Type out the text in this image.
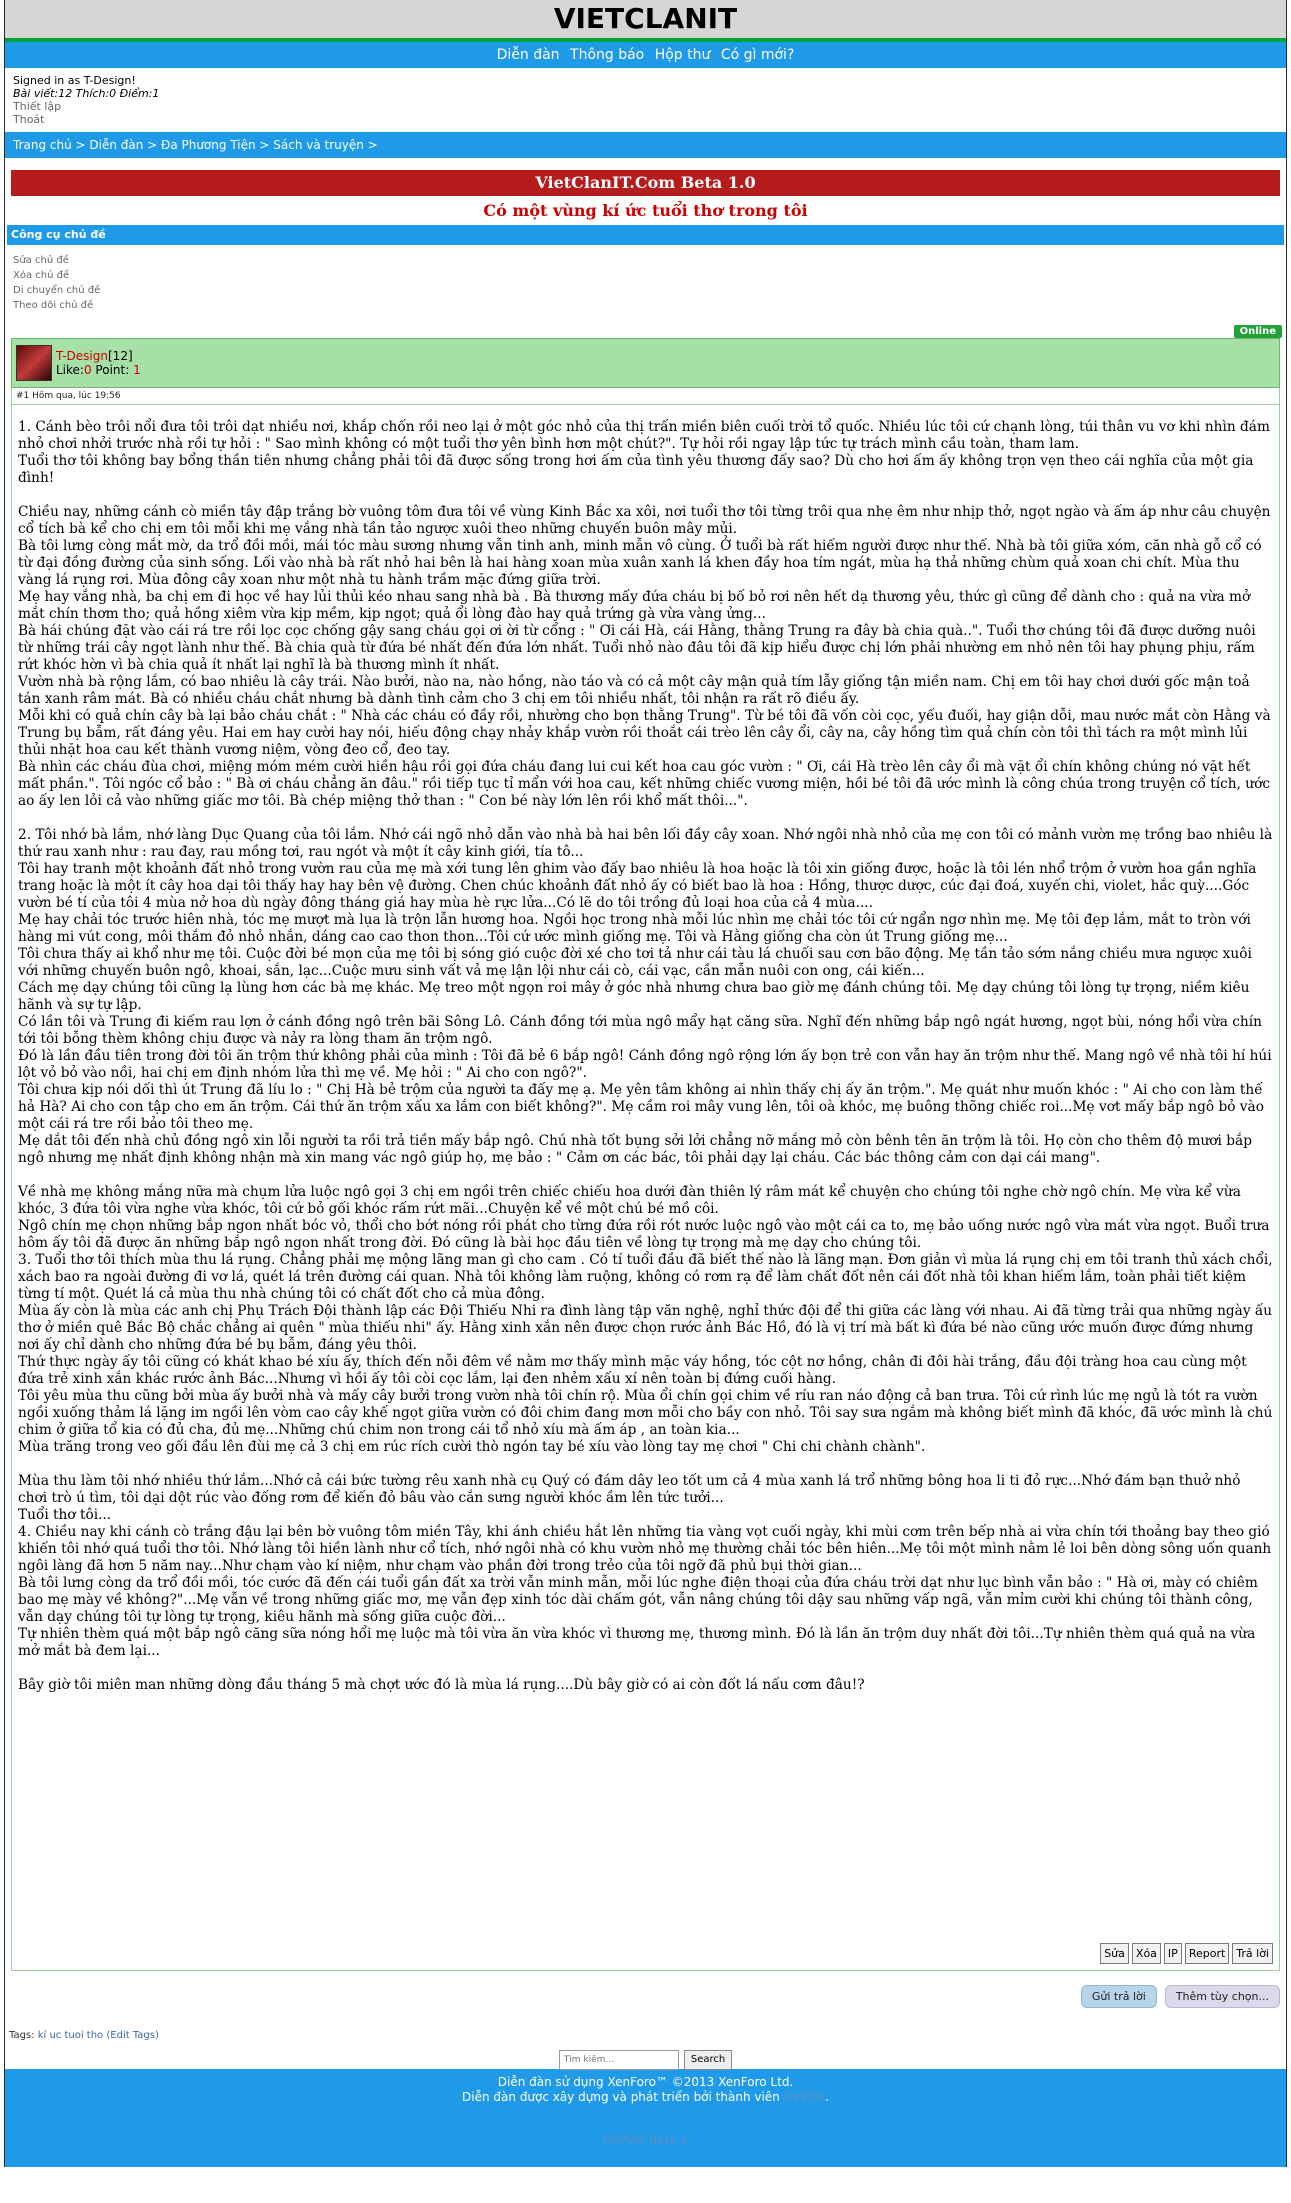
VIETCLANIT
Diễn đàn Thông báo Hộp thư Có gì mới?
Signed in as T-Design!
Bài viết:12 Thích:0 Điểm:1
Thiết lập
Thoát
Trang chủ > Diễn đàn > Đa Phương Tiện > Sách và truyện >
VietClanIT.Com Beta 1.0
Có một vùng kí ức tuổi thơ trong tôi
Công cụ chủ đề
Sửa chủ đề
Xóa chủ đề
Di chuyển chủ đề
Theo dõi chủ đề
Online
T-Design[12]
Like:0 Point: 1
#1 Hôm qua, lúc 19:56

1. Cánh bèo trôi nổi đưa tôi trôi dạt nhiều nơi, khắp chốn rồi neo lại ở một góc nhỏ của thị trấn miền biên cuối trời tổ quốc. Nhiều lúc tôi cứ chạnh lòng, túi thân vu vơ khi nhìn đám nhỏ chơi nhởi trước nhà rồi tự hỏi : " Sao mình không có một tuổi thơ yên bình hơn một chút?". Tự hỏi rồi ngay lập tức tự trách mình cầu toàn, tham lam.
Tuổi thơ tôi không bay bổng thần tiên nhưng chẳng phải tôi đã được sống trong hơi ấm của tình yêu thương đấy sao? Dù cho hơi ấm ấy không trọn vẹn theo cái nghĩa của một gia đình!

Chiều nay, những cánh cò miền tây đập trắng bờ vuông tôm đưa tôi về vùng Kinh Bắc xa xôi, nơi tuổi thơ tôi từng trôi qua nhẹ êm như nhịp thở, ngọt ngào và ấm áp như câu chuyện cổ tích bà kể cho chị em tôi mỗi khi mẹ vắng nhà tần tảo ngược xuôi theo những chuyến buôn mây mủi.
Bà tôi lưng còng mắt mờ, da trổ đồi mồi, mái tóc màu sương nhưng vẫn tinh anh, minh mẫn vô cùng. Ở tuổi bà rất hiếm người được như thế. Nhà bà tôi giữa xóm, căn nhà gỗ cổ có từ đại đồng đường của sinh sống. Lối vào nhà bà rất nhỏ hai bên là hai hàng xoan mùa xuân xanh lá khen đầy hoa tím ngát, mùa hạ thả những chùm quả xoan chi chít. Mùa thu vàng lá rụng rơi. Mùa đông cây xoan như một nhà tu hành trầm mặc đứng giữa trời.
Mẹ hay vắng nhà, ba chị em đi học về hay lủi thủi kéo nhau sang nhà bà . Bà thương mấy đứa cháu bị bố bỏ rơi nên hết dạ thương yêu, thức gì cũng để dành cho : quả na vừa mở mắt chín thơm tho; quả hồng xiêm vừa kịp mềm, kịp ngọt; quả ổi lòng đào hay quả trứng gà vừa vàng ửng...
Bà hái chúng đặt vào cái rá tre rồi lọc cọc chống gậy sang cháu gọi ơi ời từ cổng : " Ơi cái Hà, cái Hằng, thằng Trung ra đây bà chia quà..". Tuổi thơ chúng tôi đã được dưỡng nuôi từ những trái cây ngọt lành như thế. Bà chia quà từ đứa bé nhất đến đứa lớn nhất. Tuổi nhỏ nào đâu tôi đã kịp hiểu được chị lớn phải nhường em nhỏ nên tôi hay phụng phịu, rấm rứt khóc hờn vì bà chia quả ít nhất lại nghĩ là bà thương mình ít nhất.
Vườn nhà bà rộng lắm, có bao nhiêu là cây trái. Nào bưởi, nào na, nào hồng, nào táo và có cả một cây mận quả tím lẫy giống tận miền nam. Chị em tôi hay chơi dưới gốc mận toả tán xanh râm mát. Bà có nhiều cháu chắt nhưng bà dành tình cảm cho 3 chị em tôi nhiều nhất, tôi nhận ra rất rõ điều ấy.
Mỗi khi có quả chín cây bà lại bảo cháu chắt : " Nhà các cháu có đầy rồi, nhường cho bọn thằng Trung". Từ bé tôi đã vốn còi cọc, yếu đuối, hay giận dỗi, mau nước mắt còn Hằng và Trung bụ bẫm, rất đáng yêu. Hai em hay cười hay nói, hiếu động chạy nhảy khắp vườn rồi thoắt cái trèo lên cây ổi, cây na, cây hồng tìm quả chín còn tôi thì tách ra một mình lủi thủi nhặt hoa cau kết thành vương niệm, vòng đeo cổ, đeo tay.
Bà nhìn các cháu đùa chơi, miệng móm mém cười hiền hậu rồi gọi đứa cháu đang lui cui kết hoa cau góc vườn : " Ơi, cái Hà trèo lên cây ổi mà vặt ổi chín không chúng nó vặt hết mất phần.". Tôi ngóc cổ bảo : " Bà ơi cháu chẳng ăn đâu." rồi tiếp tục tỉ mẩn với hoa cau, kết những chiếc vương miện, hồi bé tôi đã ước mình là công chúa trong truyện cổ tích, ước ao ấy len lỏi cả vào những giấc mơ tôi. Bà chép miệng thở than : " Con bé này lớn lên rồi khổ mất thôi...".

2. Tôi nhớ bà lắm, nhớ làng Dục Quang của tôi lắm. Nhớ cái ngõ nhỏ dẫn vào nhà bà hai bên lối đầy cây xoan. Nhớ ngôi nhà nhỏ của mẹ con tôi có mảnh vườn mẹ trồng bao nhiêu là thứ rau xanh như : rau đay, rau mồng tơi, rau ngót và một ít cây kinh giới, tía tô...
Tôi hay tranh một khoảnh đất nhỏ trong vườn rau của mẹ mà xới tung lên ghim vào đấy bao nhiêu là hoa hoặc là tôi xin giống được, hoặc là tôi lén nhổ trộm ở vườn hoa gần nghĩa trang hoặc là một ít cây hoa dại tôi thấy hay hay bên vệ đường. Chen chúc khoảnh đất nhỏ ấy có biết bao là hoa : Hồng, thược dược, cúc đại đoá, xuyến chi, violet, hắc quỳ....Góc vườn bé tí của tôi 4 mùa nở hoa dù ngày đông tháng giá hay mùa hè rực lửa...Có lẽ do tôi trồng đủ loại hoa của cả 4 mùa....
Mẹ hay chải tóc trước hiên nhà, tóc mẹ mượt mà lụa là trộn lẫn hương hoa. Ngồi học trong nhà mỗi lúc nhìn mẹ chải tóc tôi cứ ngẩn ngơ nhìn mẹ. Mẹ tôi đẹp lắm, mắt to tròn với hàng mi vút cong, môi thắm đỏ nhỏ nhắn, dáng cao cao thon thon...Tôi cứ ước mình giống mẹ. Tôi và Hằng giống cha còn út Trung giống mẹ...
Tôi chưa thấy ai khổ như mẹ tôi. Cuộc đời bé mọn của mẹ tôi bị sóng gió cuộc đời xé cho tơi tả như cái tàu lá chuối sau cơn bão động. Mẹ tần tảo sớm nắng chiều mưa ngược xuôi với những chuyến buôn ngô, khoai, sắn, lạc...Cuộc mưu sinh vất vả mẹ lận lội như cái cò, cái vạc, cần mẫn nuôi con ong, cái kiến...
Cách mẹ dạy chúng tôi cũng lạ lùng hơn các bà mẹ khác. Mẹ treo một ngọn roi mây ở góc nhà nhưng chưa bao giờ mẹ đánh chúng tôi. Mẹ dạy chúng tôi lòng tự trọng, niềm kiêu hãnh và sự tự lập.
Có lần tôi và Trung đi kiếm rau lợn ở cánh đồng ngô trên bãi Sông Lô. Cánh đồng tới mùa ngô mẩy hạt căng sữa. Nghĩ đến những bắp ngô ngát hương, ngọt bùi, nóng hổi vừa chín tới tôi bỗng thèm không chịu được và nảy ra lòng tham ăn trộm ngô.
Đó là lần đầu tiên trong đời tôi ăn trộm thứ không phải của mình : Tôi đã bẻ 6 bắp ngô! Cánh đồng ngô rộng lớn ấy bọn trẻ con vẫn hay ăn trộm như thế. Mang ngô về nhà tôi hí húi lột vỏ bỏ vào nồi, hai chị em định nhóm lửa thì mẹ về. Mẹ hỏi : " Ai cho con ngô?".
Tôi chưa kịp nói dối thì út Trung đã líu lo : " Chị Hà bẻ trộm của người ta đấy mẹ ạ. Mẹ yên tâm không ai nhìn thấy chị ấy ăn trộm.". Mẹ quát như muốn khóc : " Ai cho con làm thế hả Hà? Ai cho con tập cho em ăn trộm. Cái thứ ăn trộm xấu xa lắm con biết không?". Mẹ cầm roi mây vung lên, tôi oà khóc, mẹ buông thõng chiếc roi...Mẹ vơt mấy bắp ngô bỏ vào một cái rá tre rồi bảo tôi theo mẹ.
Mẹ dắt tôi đến nhà chủ đồng ngô xin lỗi người ta rồi trả tiền mấy bắp ngô. Chú nhà tốt bụng sởi lởi chẳng nỡ mắng mỏ còn bênh tên ăn trộm là tôi. Họ còn cho thêm độ mươi bắp ngô nhưng mẹ nhất định không nhận mà xin mang vác ngô giúp họ, mẹ bảo : " Cảm ơn các bác, tôi phải dạy lại cháu. Các bác thông cảm con dại cái mang".

Về nhà mẹ không mắng nữa mà chụm lửa luộc ngô gọi 3 chị em ngồi trên chiếc chiếu hoa dưới đàn thiên lý râm mát kể chuyện cho chúng tôi nghe chờ ngô chín. Mẹ vừa kể vừa khóc, 3 đứa tôi vừa nghe vừa khóc, tôi cứ bỏ gối khóc rấm rứt mãi...Chuyện kể về một chú bé mồ côi.
Ngô chín mẹ chọn những bắp ngon nhất bóc vỏ, thổi cho bớt nóng rồi phát cho từng đứa rồi rót nước luộc ngô vào một cái ca to, mẹ bảo uống nước ngô vừa mát vừa ngọt. Buổi trưa hôm ấy tôi đã được ăn những bắp ngô ngon nhất trong đời. Đó cũng là bài học đầu tiên về lòng tự trọng mà mẹ dạy cho chúng tôi.
3. Tuổi thơ tôi thích mùa thu lá rụng. Chẳng phải mẹ mộng lãng man gì cho cam . Có tí tuổi đầu đã biết thế nào là lãng mạn. Đơn giản vì mùa lá rụng chị em tôi tranh thủ xách chổi, xách bao ra ngoài đường đi vơ lá, quét lá trên đường cái quan. Nhà tôi không làm ruộng, không có rơm rạ để làm chất đốt nên cái đốt nhà tôi khan hiếm lắm, toàn phải tiết kiệm từng tí một. Quét lá cả mùa thu nhà chúng tôi có chất đốt cho cả mùa đông.
Mùa ấy còn là mùa các anh chị Phụ Trách Đội thành lập các Đội Thiếu Nhi ra đình làng tập văn nghệ, nghỉ thức đội để thi giữa các làng với nhau. Ai đã từng trải qua những ngày ấu thơ ở miền quê Bắc Bộ chắc chẳng ai quên " mùa thiếu nhi" ấy. Hằng xinh xắn nên được chọn rước ảnh Bác Hồ, đó là vị trí mà bất kì đứa bé nào cũng ước muốn được đứng nhưng nơi ấy chỉ dành cho những đứa bé bụ bẫm, đáng yêu thôi.
Thứ thực ngày ấy tôi cũng có khát khao bé xíu ấy, thích đến nỗi đêm về nằm mơ thấy mình mặc váy hồng, tóc cột nơ hồng, chân đi đôi hài trắng, đầu đội tràng hoa cau cùng một đứa trẻ xinh xắn khác rước ảnh Bác...Nhưng vì hồi ấy tôi còi cọc lắm, lại đen nhẻm xấu xí nên toàn bị đứng cuối hàng.
Tôi yêu mùa thu cũng bởi mùa ấy bưởi nhà và mấy cây bưởi trong vườn nhà tôi chín rộ. Mùa ổi chín gọi chim về ríu ran náo động cả ban trưa. Tôi cứ rình lúc mẹ ngủ là tót ra vườn ngồi xuống thảm lá lặng im ngồi lên vòm cao cây khế ngọt giữa vườn có đôi chim đang mơn mỗi cho bầy con nhỏ. Tôi say sưa ngắm mà không biết mình đã khóc, đã ước mình là chú chim ở giữa tổ kia có đủ cha, đủ mẹ...Những chú chim non trong cái tổ nhỏ xíu mà ấm áp , an toàn kia...
Mùa trăng trong veo gối đầu lên đùi mẹ cả 3 chị em rúc rích cười thò ngón tay bé xíu vào lòng tay mẹ chơi " Chi chi chành chành".

Mùa thu làm tôi nhớ nhiều thứ lắm...Nhớ cả cái bức tường rêu xanh nhà cụ Quý có đám dây leo tốt um cả 4 mùa xanh lá trổ những bông hoa li ti đỏ rực...Nhớ đám bạn thuở nhỏ chơi trò ú tìm, tôi dại dột rúc vào đống rơm để kiến đỏ bâu vào cắn sưng người khóc ầm lên tức tưởi...
Tuổi thơ tôi...
4. Chiều nay khi cánh cò trắng đậu lại bên bờ vuông tôm miền Tây, khi ánh chiều hắt lên những tia vàng vọt cuối ngày, khi mùi cơm trên bếp nhà ai vừa chín tới thoảng bay theo gió khiến tôi nhớ quá tuổi thơ tôi. Nhớ làng tôi hiền lành như cổ tích, nhớ ngôi nhà có khu vườn nhỏ mẹ thường chải tóc bên hiên...Mẹ tôi một mình nằm lẻ loi bên dòng sông uốn quanh ngôi làng đã hơn 5 năm nay...Như chạm vào kí niệm, như chạm vào phần đời trong trẻo của tôi ngỡ đã phủ bụi thời gian...
Bà tôi lưng còng da trổ đồi mồi, tóc cước đã đến cái tuổi gần đất xa trời vẫn minh mẫn, mỗi lúc nghe điện thoại của đứa cháu trời dạt như lục bình vẫn bảo : " Hà ơi, mày có chiêm bao mẹ mày về không?"...Mẹ vẫn về trong những giấc mơ, mẹ vẫn đẹp xinh tóc dài chấm gót, vẫn nâng chúng tôi dậy sau những vấp ngã, vẫn mỉm cười khi chúng tôi thành công, vẫn dạy chúng tôi tự lòng tự trọng, kiêu hãnh mà sống giữa cuộc đời...
Tự nhiên thèm quá một bắp ngô căng sữa nóng hổi mẹ luộc mà tôi vừa ăn vừa khóc vì thương mẹ, thương mình. Đó là lần ăn trộm duy nhất đời tôi...Tự nhiên thèm quá quả na vừa mở mắt bà đem lại...

Bây giờ tôi miên man những dòng đầu tháng 5 mà chợt ước đó là mùa lá rụng....Dù bây giờ có ai còn đốt lá nấu cơm đâu!?

Sửa	Xóa	IP	Report	Trả lời
Gửi trả lời	Thêm tùy chọn...
Tags: kí uc tuoi tho (Edit Tags)
Tìm kiếm... Search
Diễn đàn sử dụng XenForo™ ©2013 XenForo Ltd.
Diễn đàn được xây dựng và phát triển bởi thành viên DVPDA.
DVPDA Beta 2
